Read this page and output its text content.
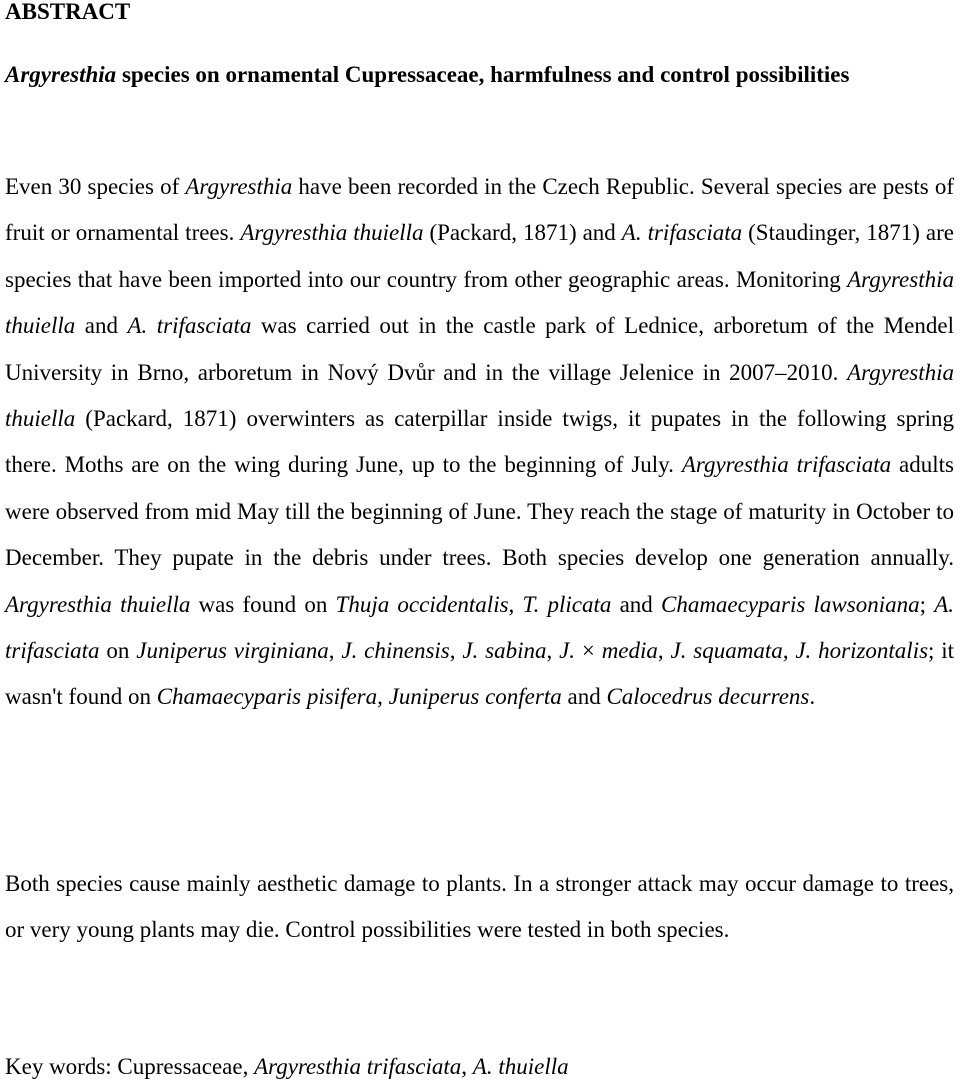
ABSTRACT
Argyresthia species on ornamental Cupressaceae, harmfulness and control possibilities

Even 30 species of Argyresthia have been recorded in the Czech Republic. Several species are pests of fruit or ornamental trees. Argyresthia thuiella (Packard, 1871) and A. trifasciata (Staudinger, 1871) are species that have been imported into our country from other geographic areas. Monitoring Argyresthia thuiella and A. trifasciata was carried out in the castle park of Lednice, arboretum of the Mendel University in Brno, arboretum in Nový Dvůr and in the village Jelenice in 2007–2010. Argyresthia thuiella (Packard, 1871) overwinters as caterpillar inside twigs, it pupates in the following spring there. Moths are on the wing during June, up to the beginning of July. Argyresthia trifasciata adults were observed from mid May till the beginning of June. They reach the stage of maturity in October to December. They pupate in the debris under trees. Both species develop one generation annually. Argyresthia thuiella was found on Thuja occidentalis, T. plicata and Chamaecyparis lawsoniana; A. trifasciata on Juniperus virginiana, J. chinensis, J. sabina, J. × media, J. squamata, J. horizontalis; it wasn't found on Chamaecyparis pisifera, Juniperus conferta and Calocedrus decurrens.

Both species cause mainly aesthetic damage to plants. In a stronger attack may occur damage to trees, or very young plants may die. Control possibilities were tested in both species.

Key words: Cupressaceae, Argyresthia trifasciata, A. thuiella
